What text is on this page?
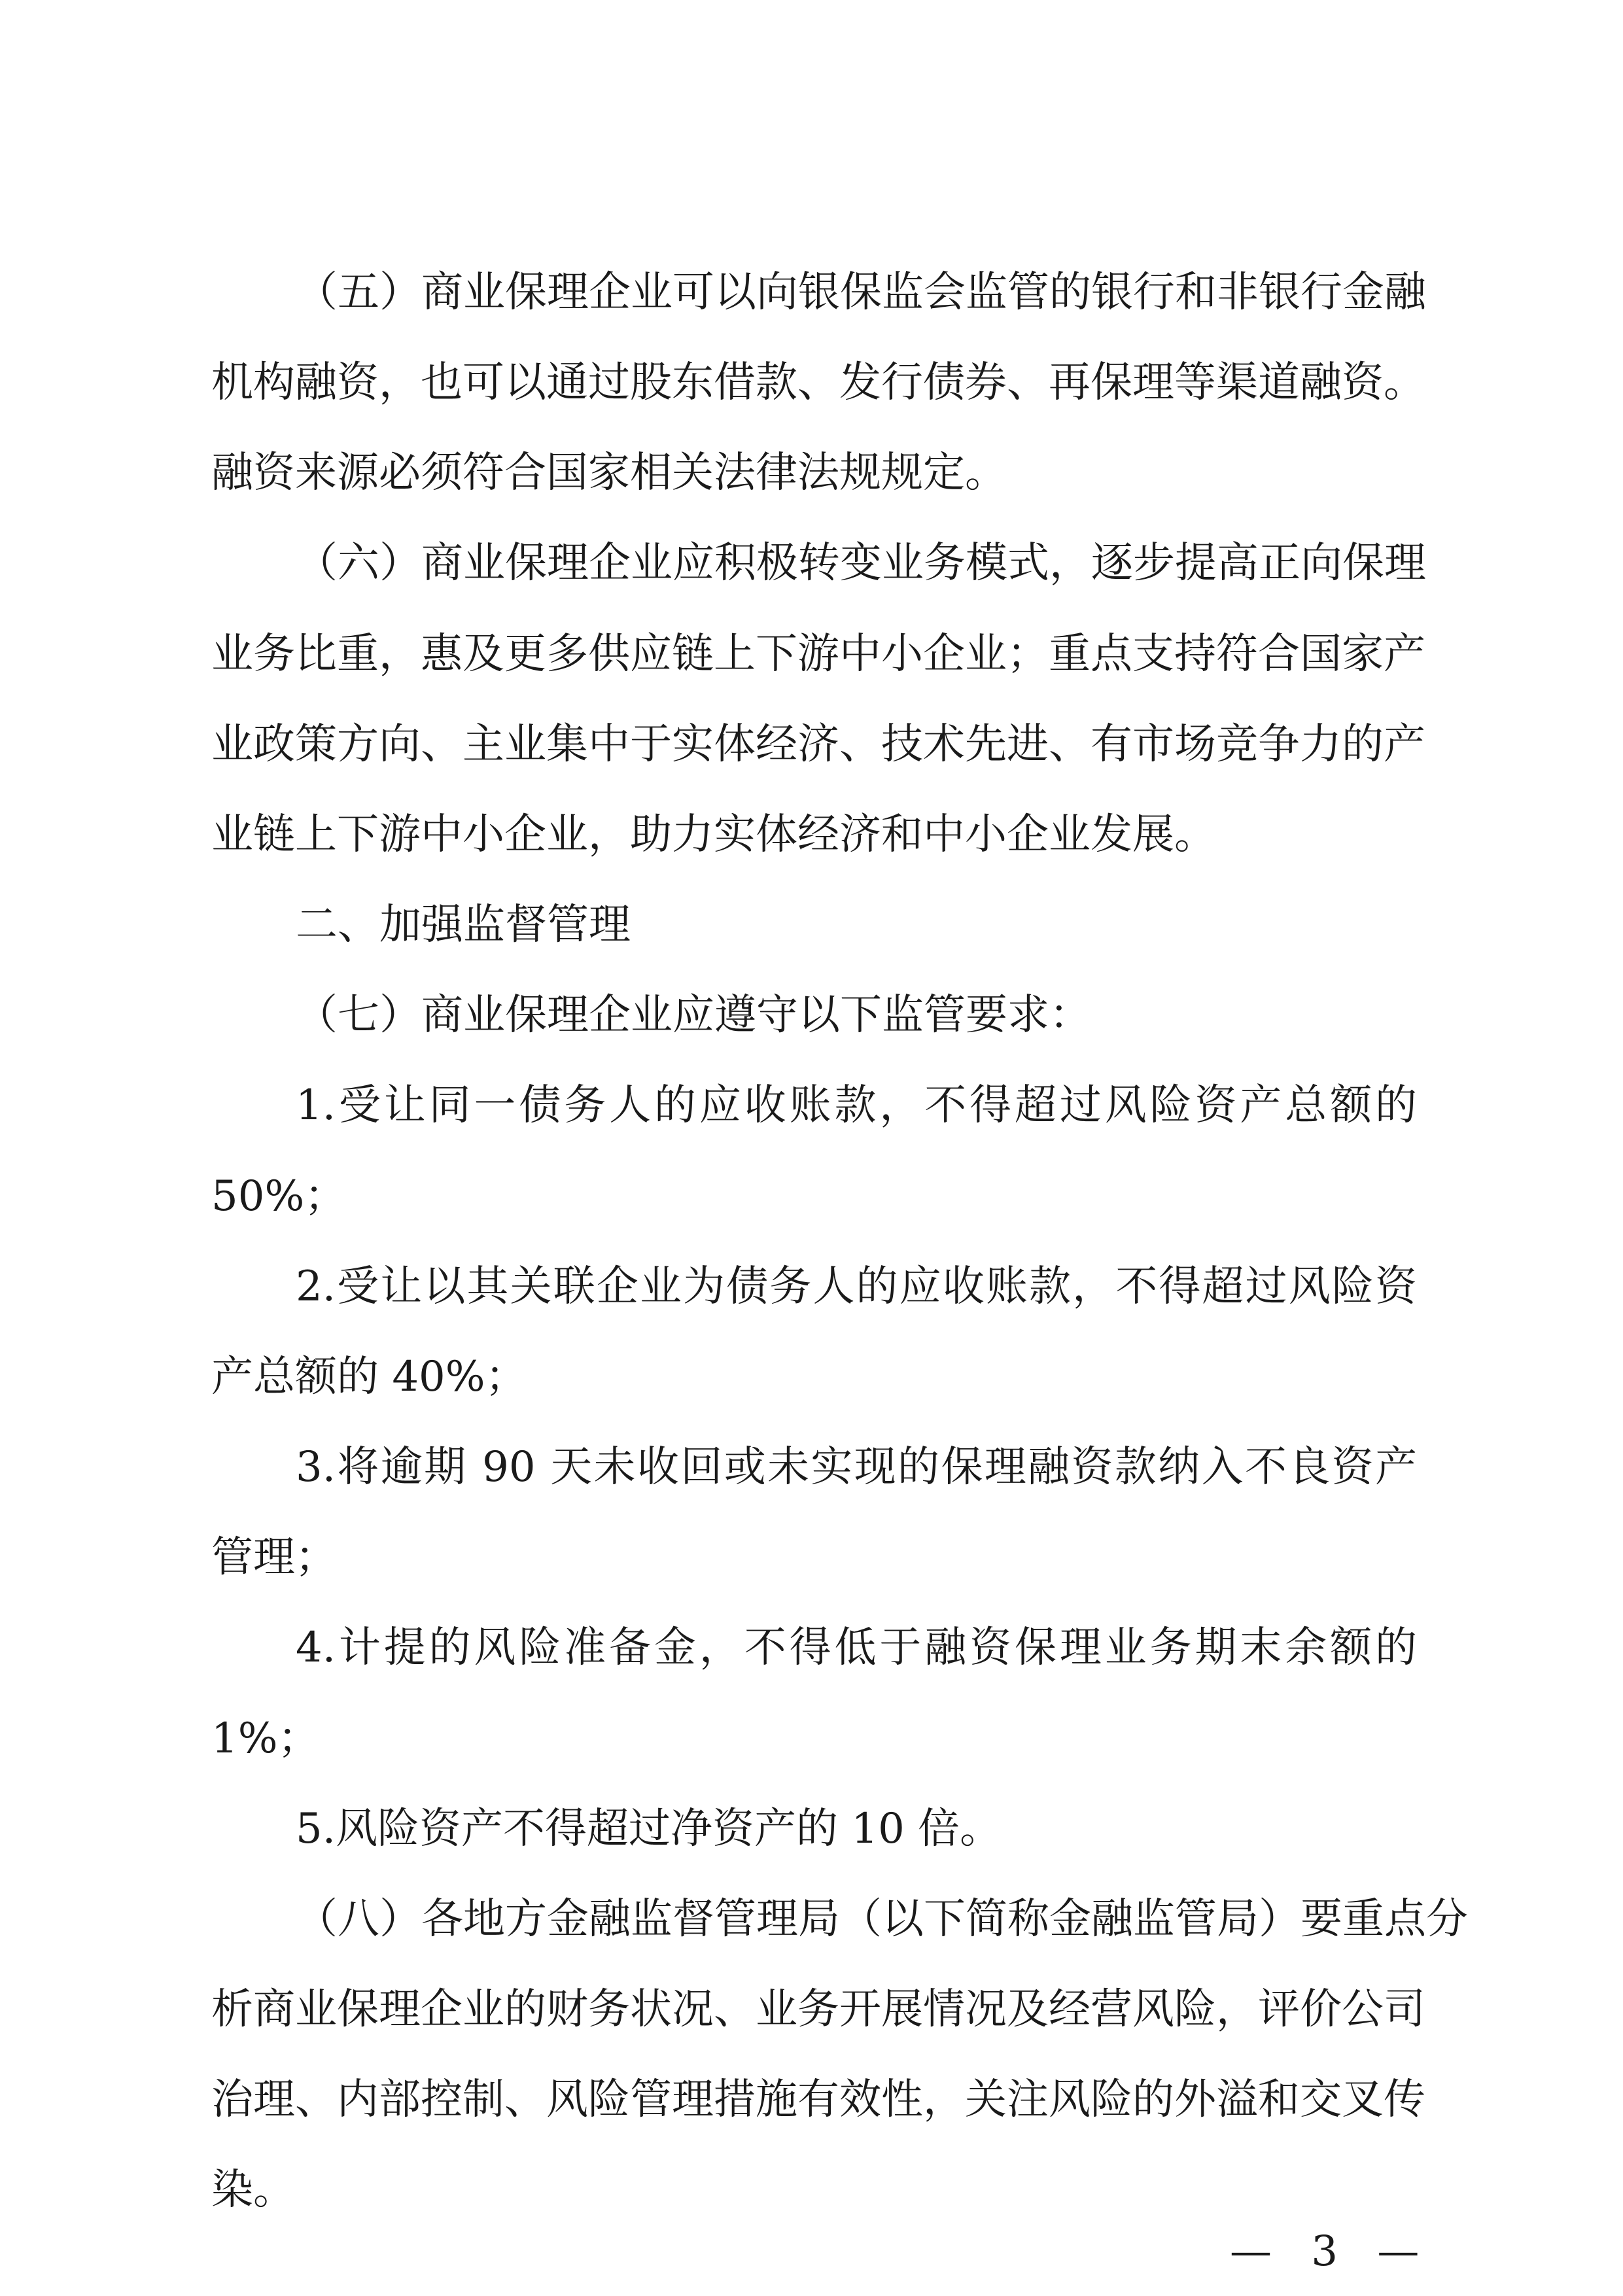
（五）商业保理企业可以向银保监会监管的银行和非银行金融
机构融资，也可以通过股东借款、发行债券、再保理等渠道融资。
融资来源必须符合国家相关法律法规规定。
（六）商业保理企业应积极转变业务模式，逐步提高正向保理
业务比重，惠及更多供应链上下游中小企业；重点支持符合国家产
业政策方向、主业集中于实体经济、技术先进、有市场竞争力的产
业链上下游中小企业，助力实体经济和中小企业发展。
二、加强监督管理
（七）商业保理企业应遵守以下监管要求：
1.受让同一债务人的应收账款，不得超过风险资产总额的
50%；
2.受让以其关联企业为债务人的应收账款，不得超过风险资
产总额的 40%；
3.将逾期 90 天未收回或未实现的保理融资款纳入不良资产
管理；
4.计提的风险准备金，不得低于融资保理业务期末余额的
1%；
5.风险资产不得超过净资产的 10 倍。
（八）各地方金融监督管理局（以下简称金融监管局）要重点分
析商业保理企业的财务状况、业务开展情况及经营风险，评价公司
治理、内部控制、风险管理措施有效性，关注风险的外溢和交叉传
染。
— 3 —
